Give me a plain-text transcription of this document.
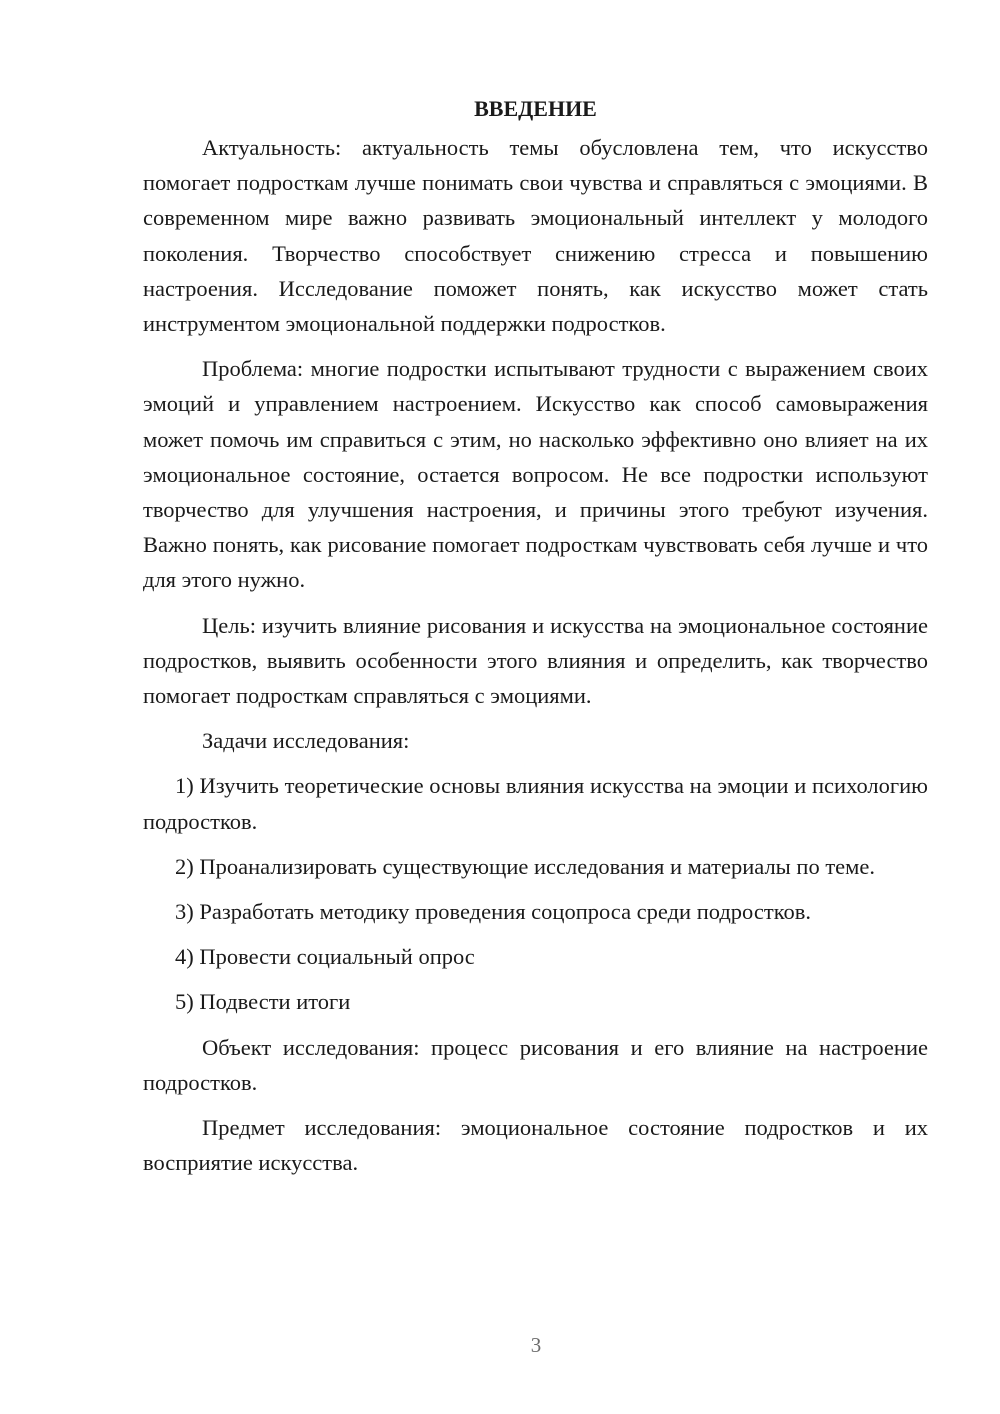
ВВЕДЕНИЕ

Актуальность: актуальность темы обусловлена тем, что искусство помогает подросткам лучше понимать свои чувства и справляться с эмоциями. В современном мире важно развивать эмоциональный интеллект у молодого поколения. Творчество способствует снижению стресса и повышению настроения. Исследование поможет понять, как искусство может стать инструментом эмоциональной поддержки подростков.

Проблема: многие подростки испытывают трудности с выражением своих эмоций и управлением настроением. Искусство как способ самовыражения может помочь им справиться с этим, но насколько эффективно оно влияет на их эмоциональное состояние, остается вопросом. Не все подростки используют творчество для улучшения настроения, и причины этого требуют изучения. Важно понять, как рисование помогает подросткам чувствовать себя лучше и что для этого нужно.

Цель: изучить влияние рисования и искусства на эмоциональное состояние подростков, выявить особенности этого влияния и определить, как творчество помогает подросткам справляться с эмоциями.

Задачи исследования:

1) Изучить теоретические основы влияния искусства на эмоции и психологию подростков.

2) Проанализировать существующие исследования и материалы по теме.

3) Разработать методику проведения соцопроса среди подростков.

4) Провести социальный опрос

5) Подвести итоги

Объект исследования: процесс рисования и его влияние на настроение подростков.

Предмет исследования: эмоциональное состояние подростков и их восприятие искусства.

3
